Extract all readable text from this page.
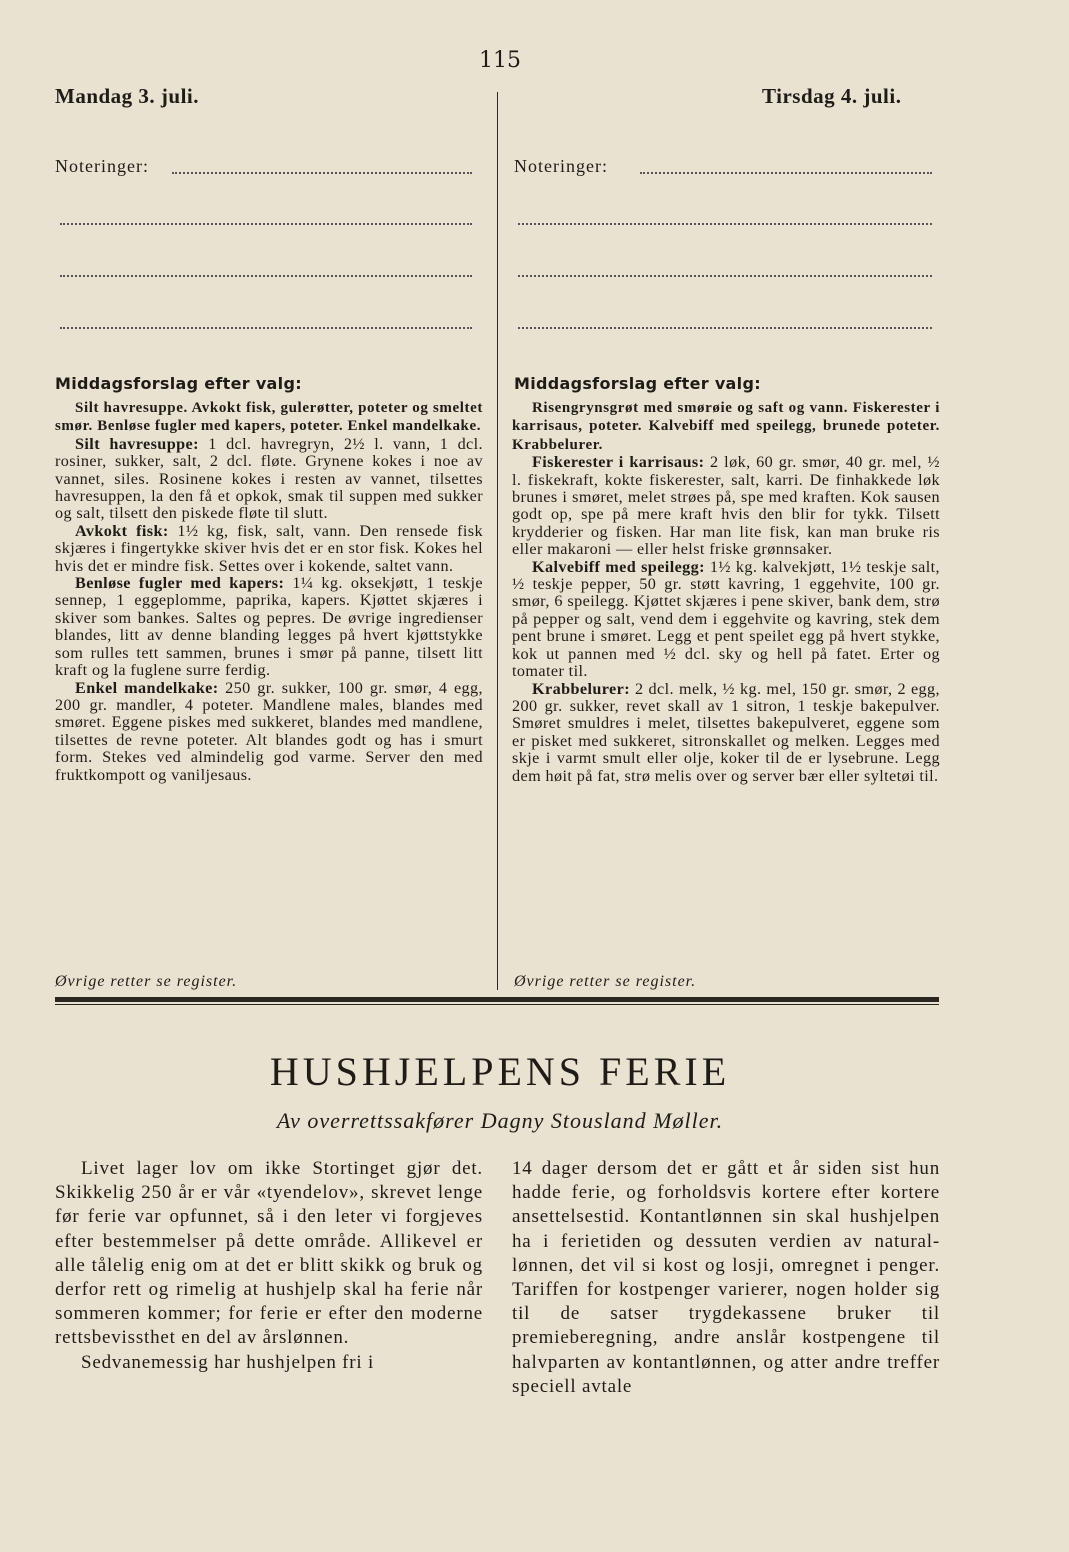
115
Mandag 3. juli.
Noteringer:
Middagsforslag efter valg:

Silt havresuppe. Avkokt fisk, gulerøtter, poteter og smeltet smør. Benløse fugler med kapers, poteter. Enkel mandelkake.

Silt havresuppe: 1 dcl. havregryn, 2½ l. vann, 1 dcl. rosiner, sukker, salt, 2 dcl. fløte. Grynene kokes i noe av vannet, siles. Rosinene kokes i resten av vannet, tilsettes havresuppen, la den få et opkok, smak til suppen med sukker og salt, tilsett den piskede fløte til slutt.

Avkokt fisk: 1½ kg, fisk, salt, vann. Den rensede fisk skjæres i fingertykke skiver hvis det er en stor fisk. Kokes hel hvis det er mindre fisk. Settes over i kokende, saltet vann.

Benløse fugler med kapers: 1¼ kg. oksekjøtt, 1 teskje sennep, 1 eggeplomme, paprika, kapers. Kjøttet skjæres i skiver som bankes. Saltes og pepres. De øvrige ingredienser blandes, litt av denne blanding legges på hvert kjøttstykke som rulles tett sammen, brunes i smør på panne, tilsett litt kraft og la fuglene surre ferdig.

Enkel mandelkake: 250 gr. sukker, 100 gr. smør, 4 egg, 200 gr. mandler, 4 poteter. Mandlene males, blandes med smøret. Eggene piskes med sukkeret, blandes med mandlene, tilsettes de revne poteter. Alt blandes godt og has i smurt form. Stekes ved almindelig god varme. Server den med fruktkompott og vaniljesaus.

Øvrige retter se register.
Tirsdag 4. juli.
Noteringer:
Middagsforslag efter valg:

Risengrynsgrøt med smørøie og saft og vann. Fiskerester i karrisaus, poteter. Kalvebiff med speilegg, brunede poteter. Krabbelurer.

Fiskerester i karrisaus: 2 løk, 60 gr. smør, 40 gr. mel, ½ l. fiskekraft, kokte fiskerester, salt, karri. De finhakkede løk brunes i smøret, melet strøes på, spe med kraften. Kok sausen godt op, spe på mere kraft hvis den blir for tykk. Tilsett krydderier og fisken. Har man lite fisk, kan man bruke ris eller makaroni — eller helst friske grønnsaker.

Kalvebiff med speilegg: 1½ kg. kalvekjøtt, 1½ teskje salt, ½ teskje pepper, 50 gr. støtt kavring, 1 eggehvite, 100 gr. smør, 6 speilegg. Kjøttet skjæres i pene skiver, bank dem, strø på pepper og salt, vend dem i eggehvite og kavring, stek dem pent brune i smøret. Legg et pent speilet egg på hvert stykke, kok ut pannen med ½ dcl. sky og hell på fatet. Erter og tomater til.

Krabbelurer: 2 dcl. melk, ½ kg. mel, 150 gr. smør, 2 egg, 200 gr. sukker, revet skall av 1 sitron, 1 teskje bakepulver. Smøret smuldres i melet, tilsettes bakepulveret, eggene som er pisket med sukkeret, sitronskallet og melken. Legges med skje i varmt smult eller olje, koker til de er lysebrune. Legg dem høit på fat, strø melis over og server bær eller syltetøi til.

Øvrige retter se register.
HUSHJELPENS FERIE
Av overrettssakfører Dagny Stousland Møller.

Livet lager lov om ikke Stortinget gjør det. Skikkelig 250 år er vår «tyendelov», skrevet lenge før ferie var opfunnet, så i den leter vi forgjeves efter bestemmelser på dette område. Allikevel er alle tålelig enig om at det er blitt skikk og bruk og derfor rett og rimelig at hushjelp skal ha ferie når sommeren kommer; for ferie er efter den moderne rettsbevissthet en del av årslønnen.

Sedvanemessig har hushjelpen fri i

14 dager dersom det er gått et år siden sist hun hadde ferie, og forholdsvis kortere efter kortere ansettelsestid. Kontantlønnen sin skal hushjelpen ha i ferietiden og dessuten verdien av natural-lønnen, det vil si kost og losji, omregnet i penger. Tariffen for kostpenger varierer, nogen holder sig til de satser trygdekassene bruker til premieberegning, andre anslår kostpengene til halvparten av kontantlønnen, og atter andre treffer speciell avtale
